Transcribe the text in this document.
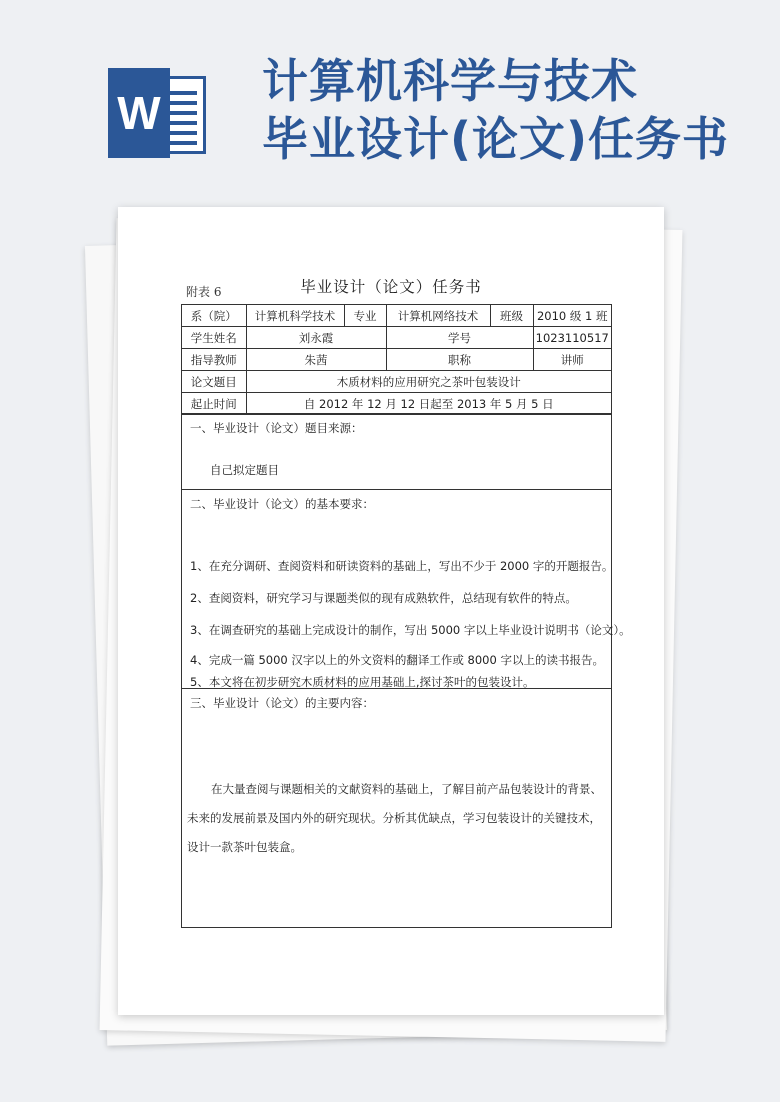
W
计算机科学与技术
毕业设计(论文)任务书
附表 6	毕业设计（论文）任务书
系（院）	计算机科学技术	专业	计算机网络技术	班级	2010 级 1 班
学生姓名	刘永霞		学号		1023110517
指导教师	朱茜		职称		讲师
论文题目	木质材料的应用研究之茶叶包装设计				
起止时间	自 2012 年 12 月 12 日起至 2013 年 5 月 5 日				
一、毕业设计（论文）题目来源：
自己拟定题目
二、毕业设计（论文）的基本要求：
1、在充分调研、查阅资料和研读资料的基础上，写出不少于 2000 字的开题报告。
2、查阅资料，研究学习与课题类似的现有成熟软件，总结现有软件的特点。
3、在调查研究的基础上完成设计的制作，写出 5000 字以上毕业设计说明书（论文）。
4、完成一篇 5000 汉字以上的外文资料的翻译工作或 8000 字以上的读书报告。
5、本文将在初步研究木质材料的应用基础上,探讨茶叶的包装设计。
三、毕业设计（论文）的主要内容：
在大量查阅与课题相关的文献资料的基础上，了解目前产品包装设计的背景、未来的发展前景及国内外的研究现状。分析其优缺点，学习包装设计的关键技术，设计一款茶叶包装盒。
